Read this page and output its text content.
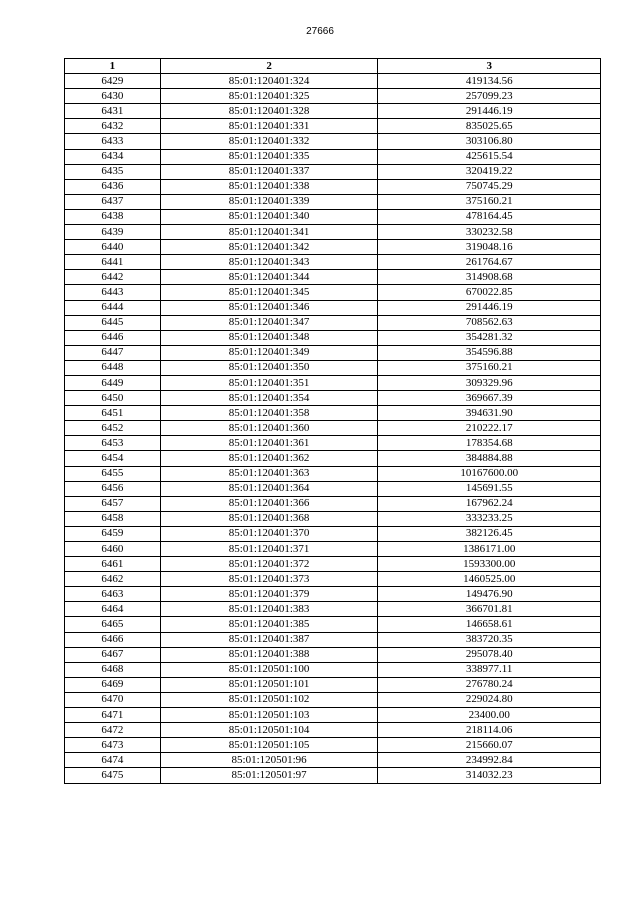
27666
1	2	3
6429	85:01:120401:324	419134.56
6430	85:01:120401:325	257099.23
6431	85:01:120401:328	291446.19
6432	85:01:120401:331	835025.65
6433	85:01:120401:332	303106.80
6434	85:01:120401:335	425615.54
6435	85:01:120401:337	320419.22
6436	85:01:120401:338	750745.29
6437	85:01:120401:339	375160.21
6438	85:01:120401:340	478164.45
6439	85:01:120401:341	330232.58
6440	85:01:120401:342	319048.16
6441	85:01:120401:343	261764.67
6442	85:01:120401:344	314908.68
6443	85:01:120401:345	670022.85
6444	85:01:120401:346	291446.19
6445	85:01:120401:347	708562.63
6446	85:01:120401:348	354281.32
6447	85:01:120401:349	354596.88
6448	85:01:120401:350	375160.21
6449	85:01:120401:351	309329.96
6450	85:01:120401:354	369667.39
6451	85:01:120401:358	394631.90
6452	85:01:120401:360	210222.17
6453	85:01:120401:361	178354.68
6454	85:01:120401:362	384884.88
6455	85:01:120401:363	10167600.00
6456	85:01:120401:364	145691.55
6457	85:01:120401:366	167962.24
6458	85:01:120401:368	333233.25
6459	85:01:120401:370	382126.45
6460	85:01:120401:371	1386171.00
6461	85:01:120401:372	1593300.00
6462	85:01:120401:373	1460525.00
6463	85:01:120401:379	149476.90
6464	85:01:120401:383	366701.81
6465	85:01:120401:385	146658.61
6466	85:01:120401:387	383720.35
6467	85:01:120401:388	295078.40
6468	85:01:120501:100	338977.11
6469	85:01:120501:101	276780.24
6470	85:01:120501:102	229024.80
6471	85:01:120501:103	23400.00
6472	85:01:120501:104	218114.06
6473	85:01:120501:105	215660.07
6474	85:01:120501:96	234992.84
6475	85:01:120501:97	314032.23
